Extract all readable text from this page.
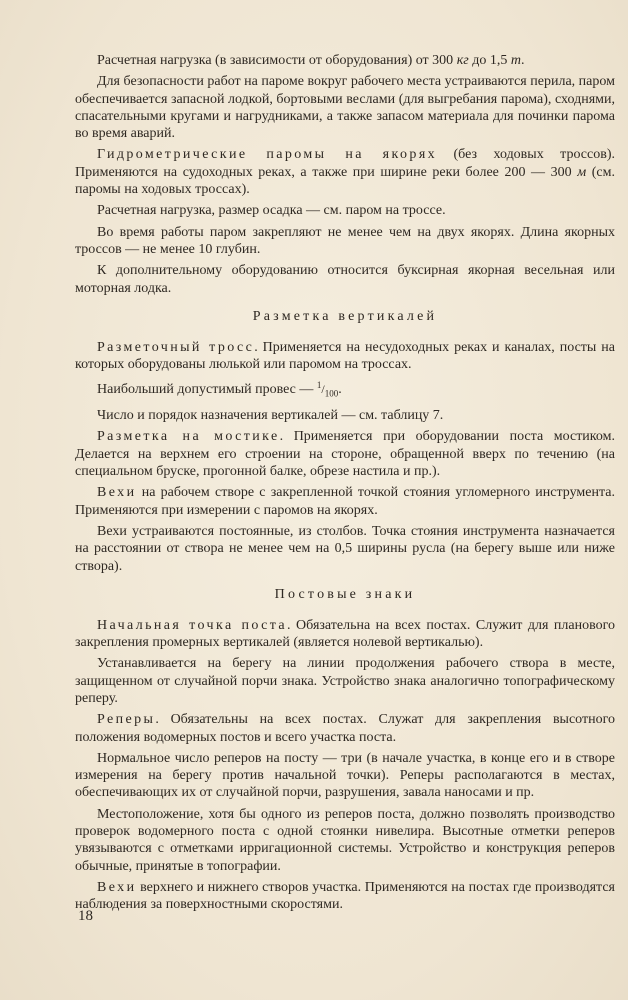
Расчетная нагрузка (в зависимости от оборудования) от 300 кг до 1,5 т.

Для безопасности работ на пароме вокруг рабочего места устраиваются перила, паром обеспечивается запасной лодкой, бортовыми веслами (для выгребания парома), сходнями, спасательными кругами и нагрудниками, а также запасом материала для починки парома во время аварий.

Гидрометрические паромы на якорях (без ходовых троссов). Применяются на судоходных реках, а также при ширине реки более 200 — 300 м (см. паромы на ходовых троссах).

Расчетная нагрузка, размер осадка — см. паром на троссе.

Во время работы паром закрепляют не менее чем на двух якорях. Длина якорных троссов — не менее 10 глубин.

К дополнительному оборудованию относится буксирная якорная весельная или моторная лодка.

Разметка вертикалей

Разметочный тросс. Применяется на несудоходных реках и каналах, посты на которых оборудованы люлькой или паромом на троссах.

Наибольший допустимый провес — $^1/_{100}$.

Число и порядок назначения вертикалей — см. таблицу 7.

Разметка на мостике. Применяется при оборудовании поста мостиком. Делается на верхнем его строении на стороне, обращенной вверх по течению (на специальном бруске, прогонной балке, обрезе настила и пр.).

Вехи на рабочем створе с закрепленной точкой стояния угломерного инструмента. Применяются при измерении с паромов на якорях.

Вехи устраиваются постоянные, из столбов. Точка стояния инструмента назначается на расстоянии от створа не менее чем на 0,5 ширины русла (на берегу выше или ниже створа).

Постовые знаки

Начальная точка поста. Обязательна на всех постах. Служит для планового закрепления промерных вертикалей (является нолевой вертикалью).

Устанавливается на берегу на линии продолжения рабочего створа в месте, защищенном от случайной порчи знака. Устройство знака аналогично топографическому реперу.

Реперы. Обязательны на всех постах. Служат для закрепления высотного положения водомерных постов и всего участка поста.

Нормальное число реперов на посту — три (в начале участка, в конце его и в створе измерения на берегу против начальной точки). Реперы располагаются в местах, обеспечивающих их от случайной порчи, разрушения, завала наносами и пр.

Местоположение, хотя бы одного из реперов поста, должно позволять производство проверок водомерного поста с одной стоянки нивелира. Высотные отметки реперов увязываются с отметками ирригационной системы. Устройство и конструкция реперов обычные, принятые в топографии.

Вехи верхнего и нижнего створов участка. Применяются на постах где производятся наблюдения за поверхностными скоростями.

18
